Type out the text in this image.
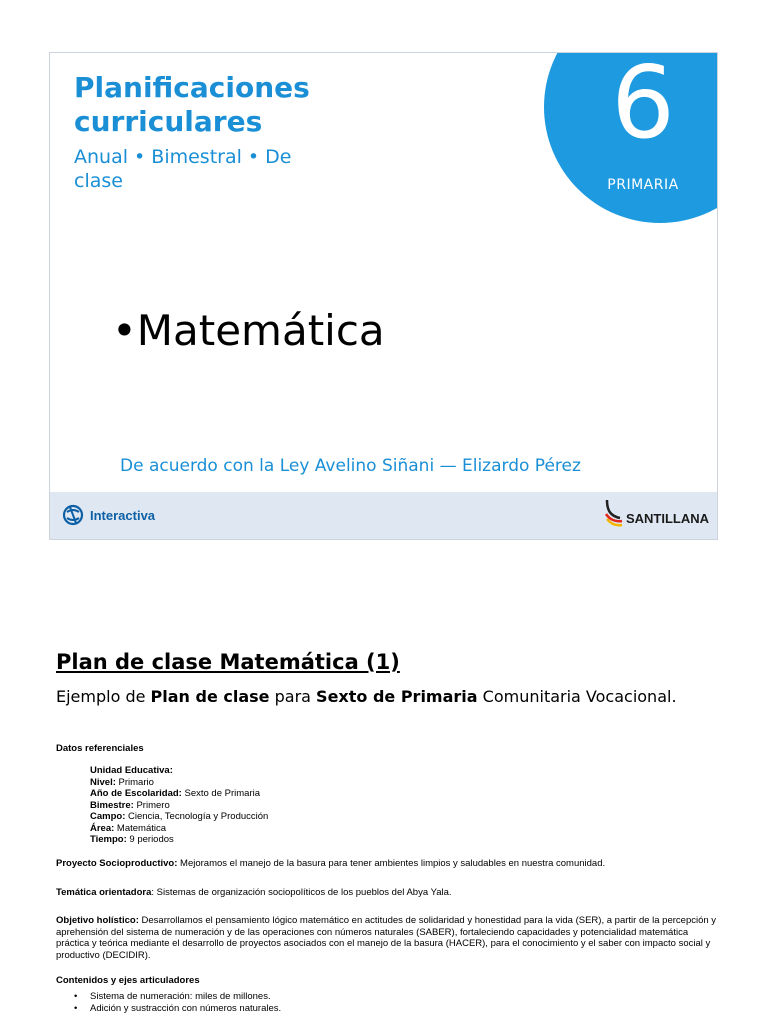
Planificaciones curriculares

Anual • Bimestral • De clase

6
PRIMARIA
•Matemática

De acuerdo con la Ley Avelino Siñani — Elizardo Pérez

Interactiva	SANTILLANA
Plan de clase Matemática (1)

Ejemplo de Plan de clase para Sexto de Primaria Comunitaria Vocacional.

Datos referenciales

Unidad Educativa:
Nivel: Primario
Año de Escolaridad: Sexto de Primaria
Bimestre: Primero
Campo: Ciencia, Tecnología y Producción
Área: Matemática
Tiempo: 9 periodos

Proyecto Socioproductivo: Mejoramos el manejo de la basura para tener ambientes limpios y saludables en nuestra comunidad.

Temática orientadora: Sistemas de organización sociopolíticos de los pueblos del Abya Yala.

Objetivo holístico: Desarrollamos el pensamiento lógico matemático en actitudes de solidaridad y honestidad para la vida (SER), a partir de la percepción y aprehensión del sistema de numeración y de las operaciones con números naturales (SABER), fortaleciendo capacidades y potencialidad matemática práctica y teórica mediante el desarrollo de proyectos asociados con el manejo de la basura (HACER), para el conocimiento y el saber con impacto social y productivo (DECIDIR).

Contenidos y ejes articuladores

• Sistema de numeración: miles de millones.
• Adición y sustracción con números naturales.
